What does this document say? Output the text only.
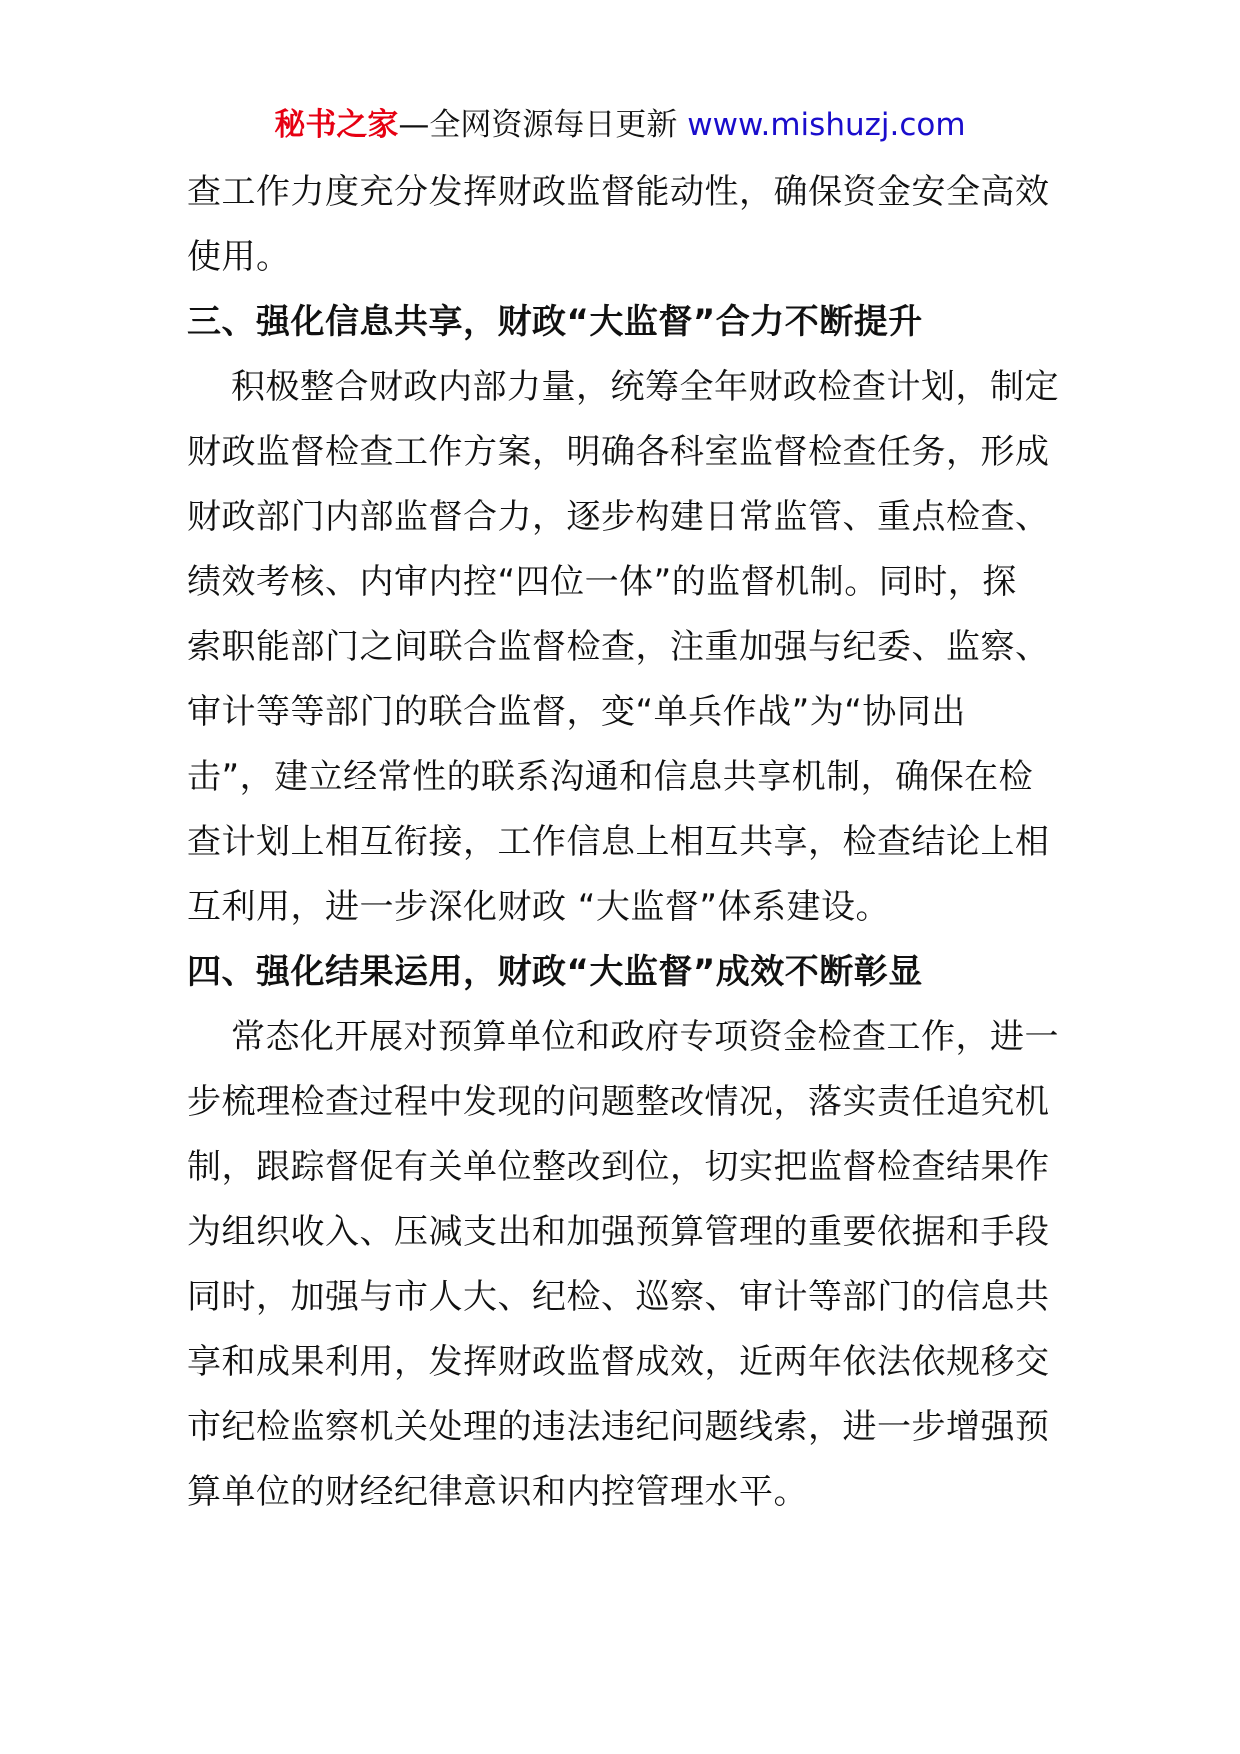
秘书之家—全网资源每日更新 www.mishuzj.com
查工作力度充分发挥财政监督能动性，确保资金安全高效
使用。
三、强化信息共享，财政“大监督”合力不断提升
积极整合财政内部力量，统筹全年财政检查计划，制定
财政监督检查工作方案，明确各科室监督检查任务，形成
财政部门内部监督合力，逐步构建日常监管、重点检查、
绩效考核、内审内控“四位一体”的监督机制。同时，探
索职能部门之间联合监督检查，注重加强与纪委、监察、
审计等等部门的联合监督，变“单兵作战”为“协同出
击”，建立经常性的联系沟通和信息共享机制，确保在检
查计划上相互衔接，工作信息上相互共享，检查结论上相
互利用，进一步深化财政 “大监督”体系建设。
四、强化结果运用，财政“大监督”成效不断彰显
常态化开展对预算单位和政府专项资金检查工作，进一
步梳理检查过程中发现的问题整改情况，落实责任追究机
制，跟踪督促有关单位整改到位，切实把监督检查结果作
为组织收入、压减支出和加强预算管理的重要依据和手段
同时，加强与市人大、纪检、巡察、审计等部门的信息共
享和成果利用，发挥财政监督成效，近两年依法依规移交
市纪检监察机关处理的违法违纪问题线索，进一步增强预
算单位的财经纪律意识和内控管理水平。
